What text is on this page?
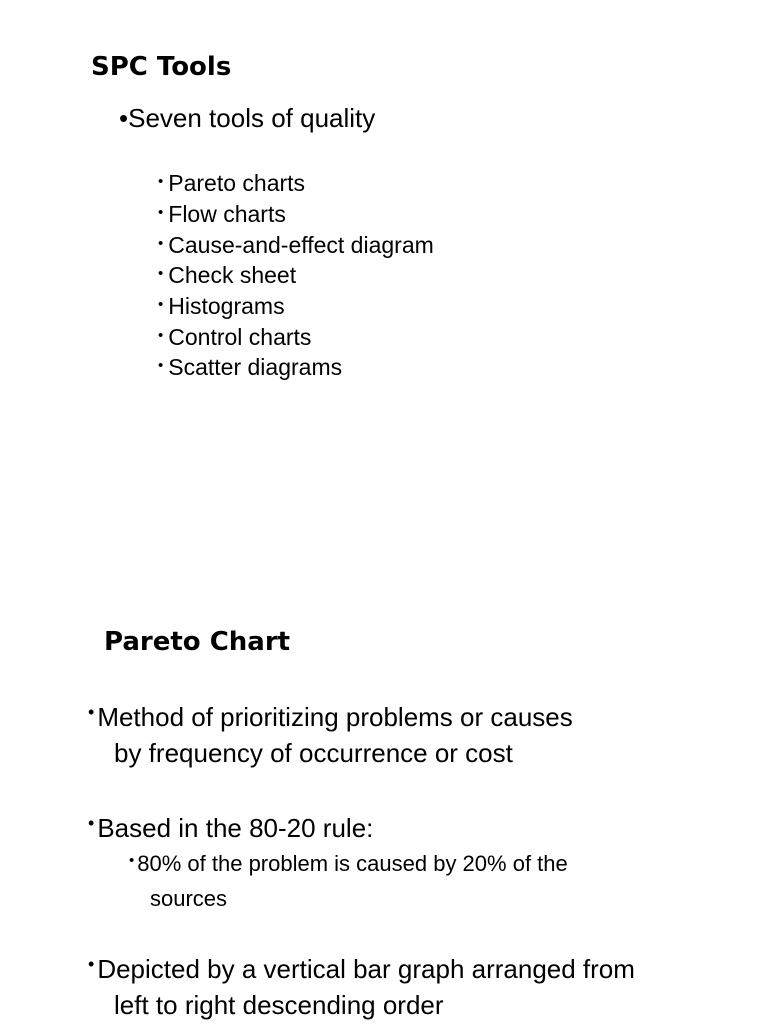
SPC Tools
•Seven tools of quality
• Pareto charts
• Flow charts
• Cause-and-effect diagram
• Check sheet
• Histograms
• Control charts
• Scatter diagrams
Pareto Chart
• Method of prioritizing problems or causes
by frequency of occurrence or cost
• Based in the 80-20 rule:
• 80% of the problem is caused by 20% of the
sources
• Depicted by a vertical bar graph arranged from
left to right descending order
